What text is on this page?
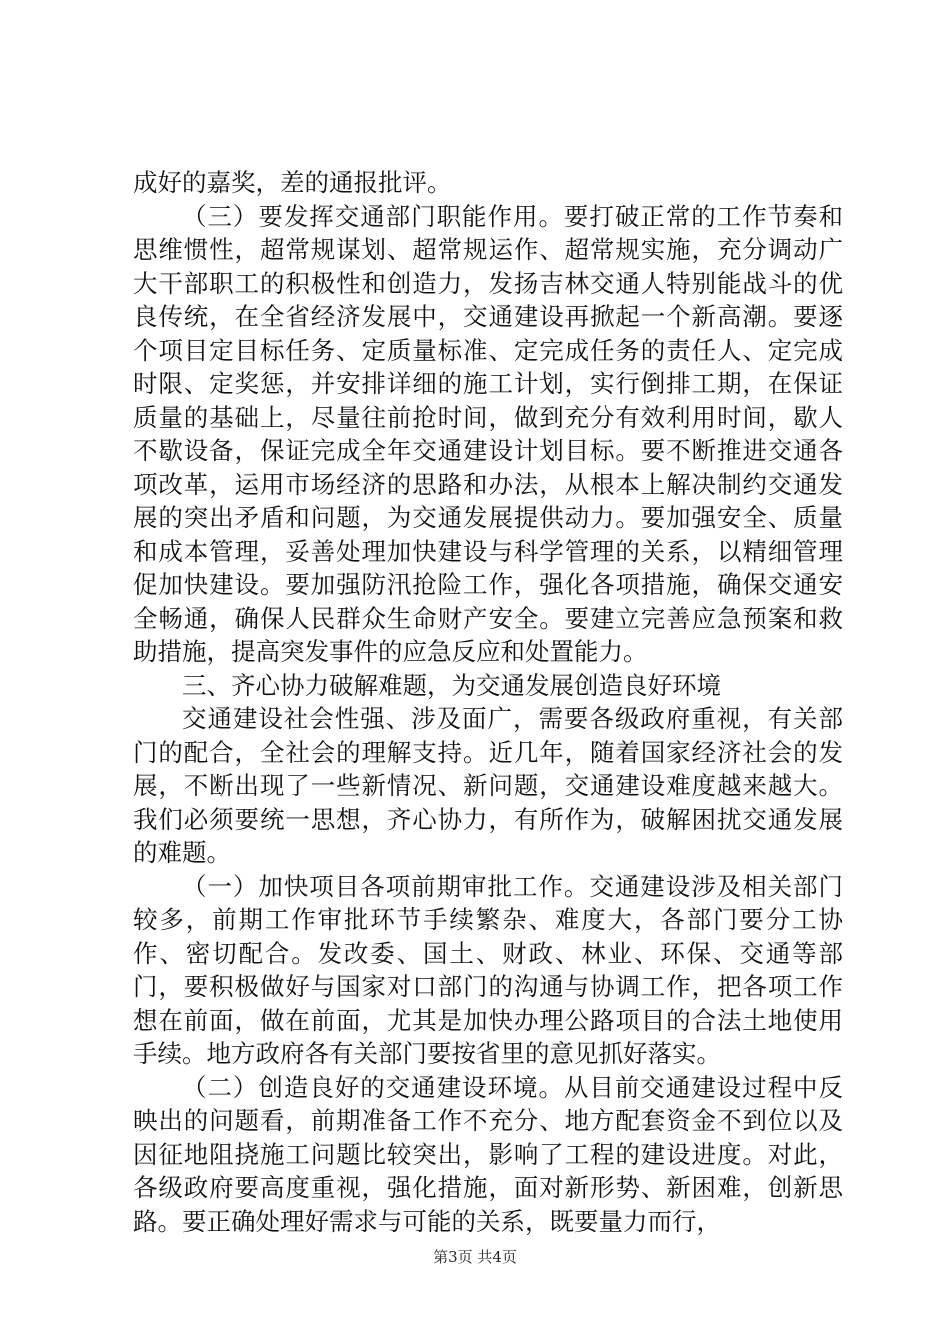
成好的嘉奖，差的通报批评。

（三）要发挥交通部门职能作用。要打破正常的工作节奏和思维惯性，超常规谋划、超常规运作、超常规实施，充分调动广大干部职工的积极性和创造力，发扬吉林交通人特别能战斗的优良传统，在全省经济发展中，交通建设再掀起一个新高潮。要逐个项目定目标任务、定质量标准、定完成任务的责任人、定完成时限、定奖惩，并安排详细的施工计划，实行倒排工期，在保证质量的基础上，尽量往前抢时间，做到充分有效利用时间，歇人不歇设备，保证完成全年交通建设计划目标。要不断推进交通各项改革，运用市场经济的思路和办法，从根本上解决制约交通发展的突出矛盾和问题，为交通发展提供动力。要加强安全、质量和成本管理，妥善处理加快建设与科学管理的关系，以精细管理促加快建设。要加强防汛抢险工作，强化各项措施，确保交通安全畅通，确保人民群众生命财产安全。要建立完善应急预案和救助措施，提高突发事件的应急反应和处置能力。

三、齐心协力破解难题，为交通发展创造良好环境

交通建设社会性强、涉及面广，需要各级政府重视，有关部门的配合，全社会的理解支持。近几年，随着国家经济社会的发展，不断出现了一些新情况、新问题，交通建设难度越来越大。我们必须要统一思想，齐心协力，有所作为，破解困扰交通发展的难题。

（一）加快项目各项前期审批工作。交通建设涉及相关部门较多，前期工作审批环节手续繁杂、难度大，各部门要分工协作、密切配合。发改委、国土、财政、林业、环保、交通等部门，要积极做好与国家对口部门的沟通与协调工作，把各项工作想在前面，做在前面，尤其是加快办理公路项目的合法土地使用手续。地方政府各有关部门要按省里的意见抓好落实。

（二）创造良好的交通建设环境。从目前交通建设过程中反映出的问题看，前期准备工作不充分、地方配套资金不到位以及因征地阻挠施工问题比较突出，影响了工程的建设进度。对此，各级政府要高度重视，强化措施，面对新形势、新困难，创新思路。要正确处理好需求与可能的关系，既要量力而行，

第3页 共4页
